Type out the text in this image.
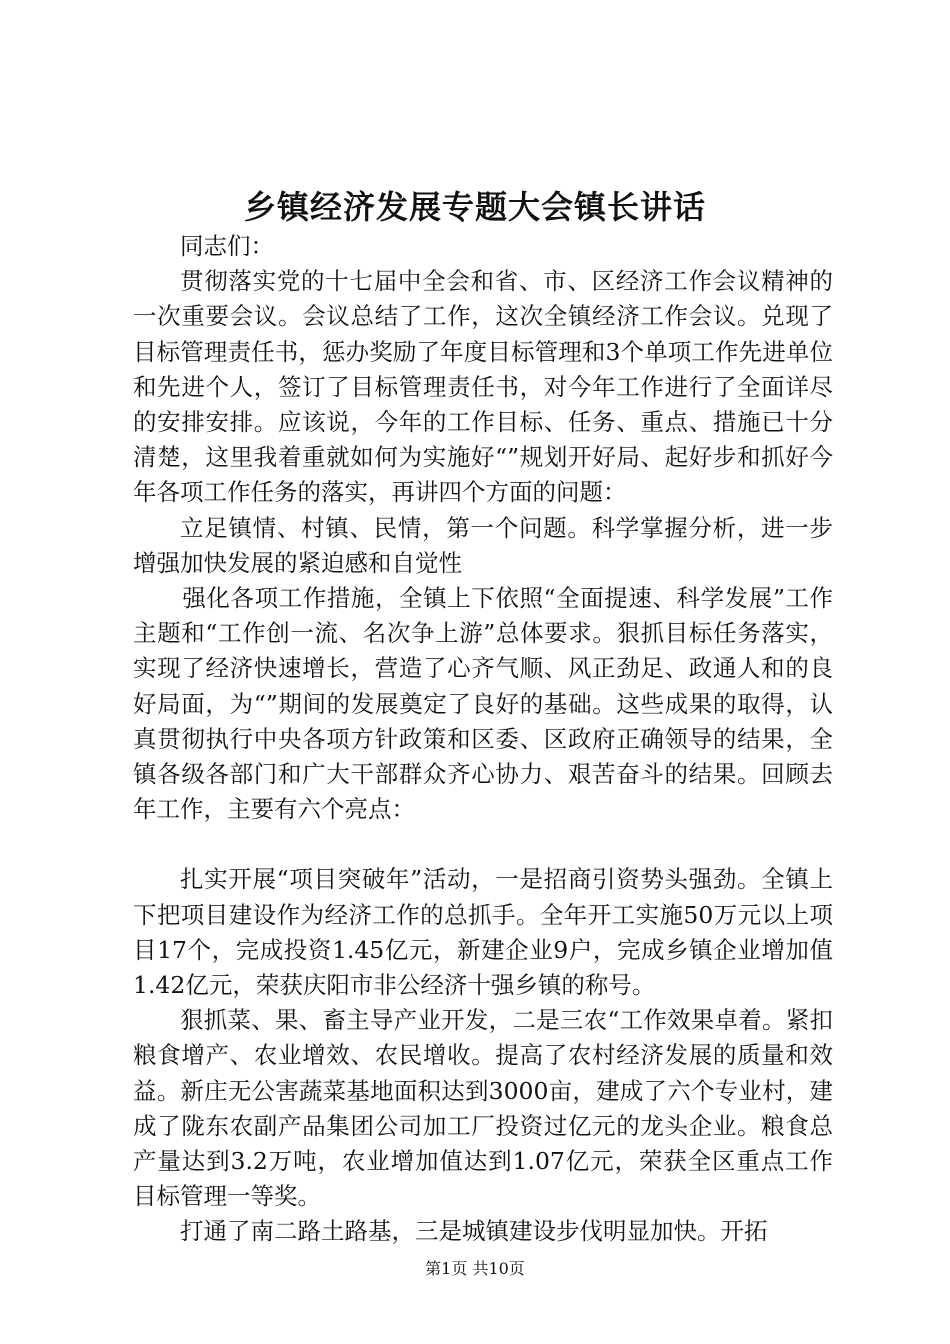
乡镇经济发展专题大会镇长讲话

同志们：

贯彻落实党的十七届中全会和省、市、区经济工作会议精神的一次重要会议。会议总结了工作，这次全镇经济工作会议。兑现了目标管理责任书，惩办奖励了年度目标管理和3个单项工作先进单位和先进个人，签订了目标管理责任书，对今年工作进行了全面详尽的安排安排。应该说，今年的工作目标、任务、重点、措施已十分清楚，这里我着重就如何为实施好“”规划开好局、起好步和抓好今年各项工作任务的落实，再讲四个方面的问题：

立足镇情、村镇、民情，第一个问题。科学掌握分析，进一步增强加快发展的紧迫感和自觉性

强化各项工作措施，全镇上下依照“全面提速、科学发展”工作主题和“工作创一流、名次争上游”总体要求。狠抓目标任务落实，实现了经济快速增长，营造了心齐气顺、风正劲足、政通人和的良好局面，为“”期间的发展奠定了良好的基础。这些成果的取得，认真贯彻执行中央各项方针政策和区委、区政府正确领导的结果，全镇各级各部门和广大干部群众齐心协力、艰苦奋斗的结果。回顾去年工作，主要有六个亮点：

扎实开展“项目突破年”活动，一是招商引资势头强劲。全镇上下把项目建设作为经济工作的总抓手。全年开工实施50万元以上项目17个，完成投资1.45亿元，新建企业9户，完成乡镇企业增加值1.42亿元，荣获庆阳市非公经济十强乡镇的称号。

狠抓菜、果、畜主导产业开发，二是三农“工作效果卓着。紧扣粮食增产、农业增效、农民增收。提高了农村经济发展的质量和效益。新庄无公害蔬菜基地面积达到3000亩，建成了六个专业村，建成了陇东农副产品集团公司加工厂投资过亿元的龙头企业。粮食总产量达到3.2万吨，农业增加值达到1.07亿元，荣获全区重点工作目标管理一等奖。

打通了南二路土路基，三是城镇建设步伐明显加快。开拓

第1页 共10页
